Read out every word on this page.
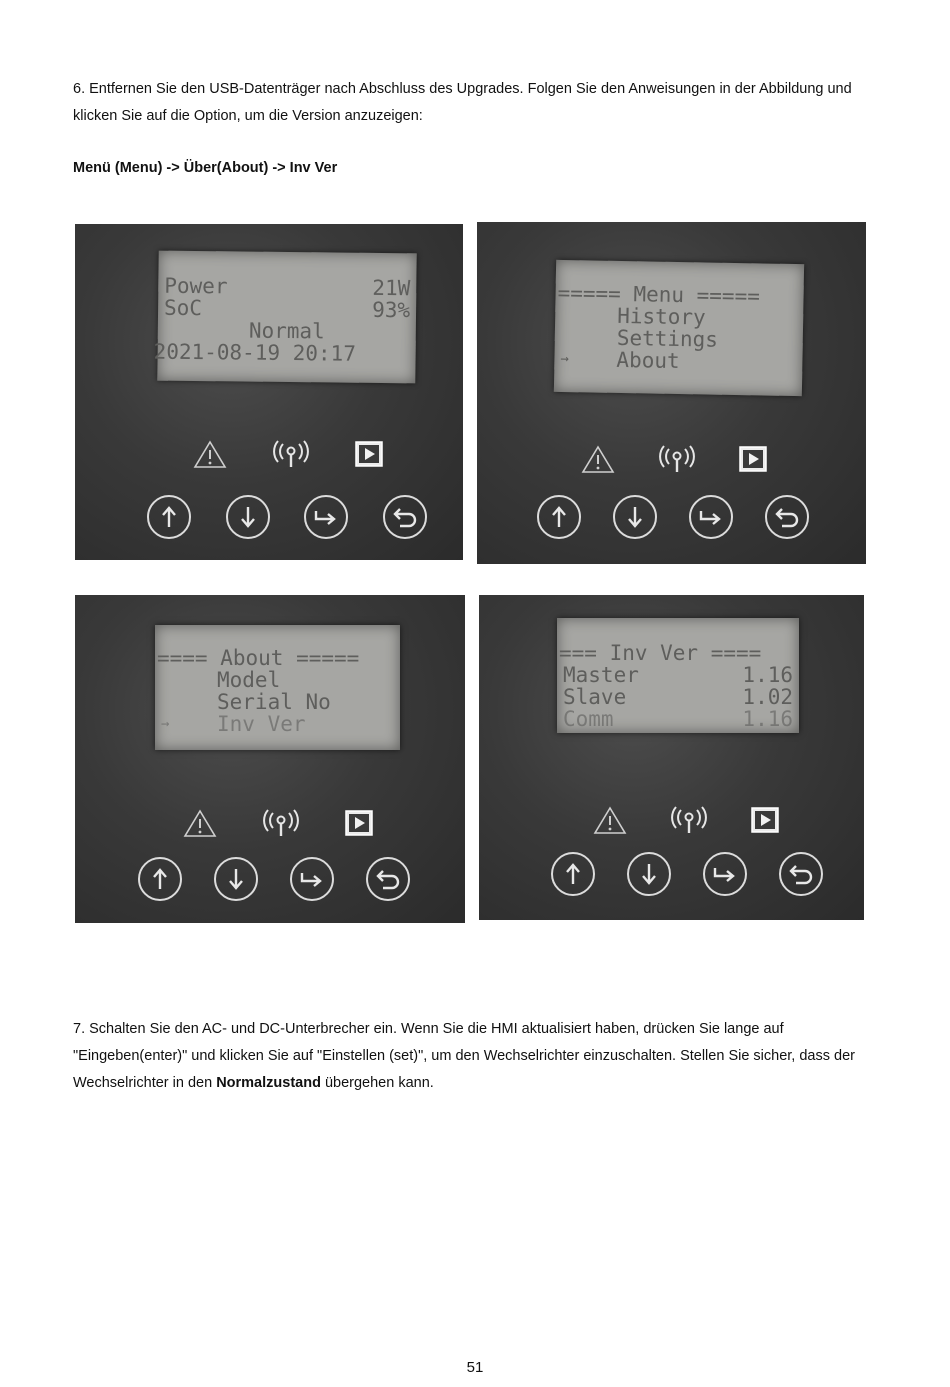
6. Entfernen Sie den USB-Datenträger nach Abschluss des Upgrades. Folgen Sie den Anweisungen in der Abbildung und klicken Sie auf die Option, um die Version anzuzeigen:
Menü (Menu) -> Über(About) -> Inv Ver
Power	21W
SoC	93%
Normal
2021-08-19 20:17
===== Menu =====
History
Settings
→	About
==== About =====
Model
Serial No
→	Inv Ver
=== Inv Ver ====
Master	1.16
Slave	1.02
Comm	1.16
7. Schalten Sie den AC- und DC-Unterbrecher ein. Wenn Sie die HMI aktualisiert haben, drücken Sie lange auf "Eingeben(enter)" und klicken Sie auf "Einstellen (set)", um den Wechselrichter einzuschalten. Stellen Sie sicher, dass der Wechselrichter in den Normalzustand übergehen kann.
51
